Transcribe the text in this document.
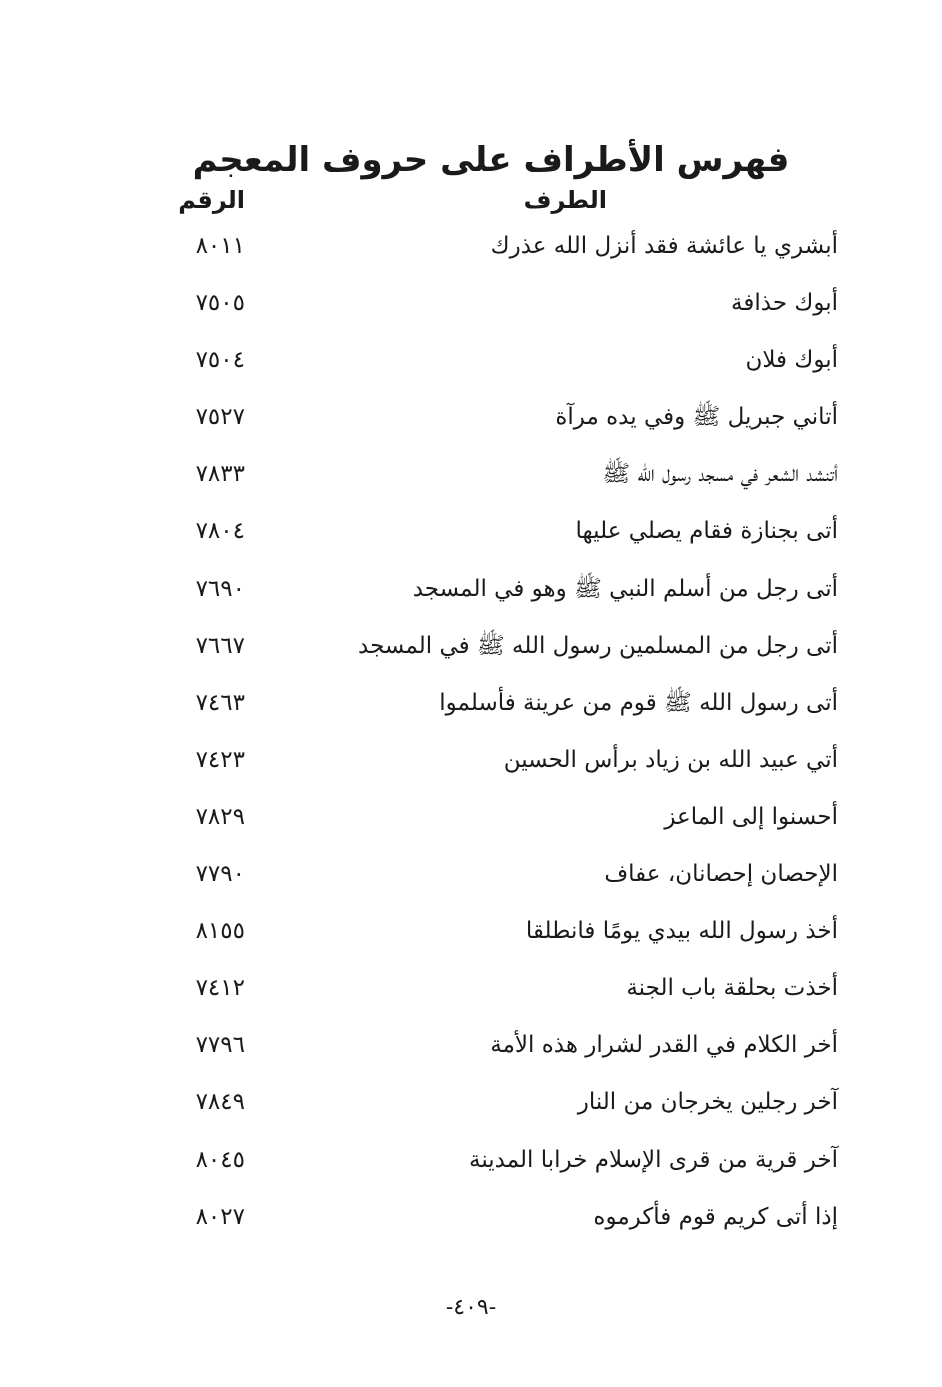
فهرس الأطراف على حروف المعجم
الطرف
الرقم
أبشري يا عائشة فقد أنزل الله عذرك
٨٠١١
أبوك حذافة
٧٥٠٥
أبوك فلان
٧٥٠٤
أتاني جبريل ﷺ وفي يده مرآة
٧٥٢٧
أتنشد الشعر في مسجد رسول الله ﷺ
٧٨٣٣
أتى بجنازة فقام يصلي عليها
٧٨٠٤
أتى رجل من أسلم النبي ﷺ وهو في المسجد
٧٦٩٠
أتى رجل من المسلمين رسول الله ﷺ في المسجد
٧٦٦٧
أتى رسول الله ﷺ قوم من عرينة فأسلموا
٧٤٦٣
أتي عبيد الله بن زياد برأس الحسين
٧٤٢٣
أحسنوا إلى الماعز
٧٨٢٩
الإحصان إحصانان، عفاف
٧٧٩٠
أخذ رسول الله بيدي يومًا فانطلقا
٨١٥٥
أخذت بحلقة باب الجنة
٧٤١٢
أخر الكلام في القدر لشرار هذه الأمة
٧٧٩٦
آخر رجلين يخرجان من النار
٧٨٤٩
آخر قرية من قرى الإسلام خرابا المدينة
٨٠٤٥
إذا أتى كريم قوم فأكرموه
٨٠٢٧
-٤٠٩-
